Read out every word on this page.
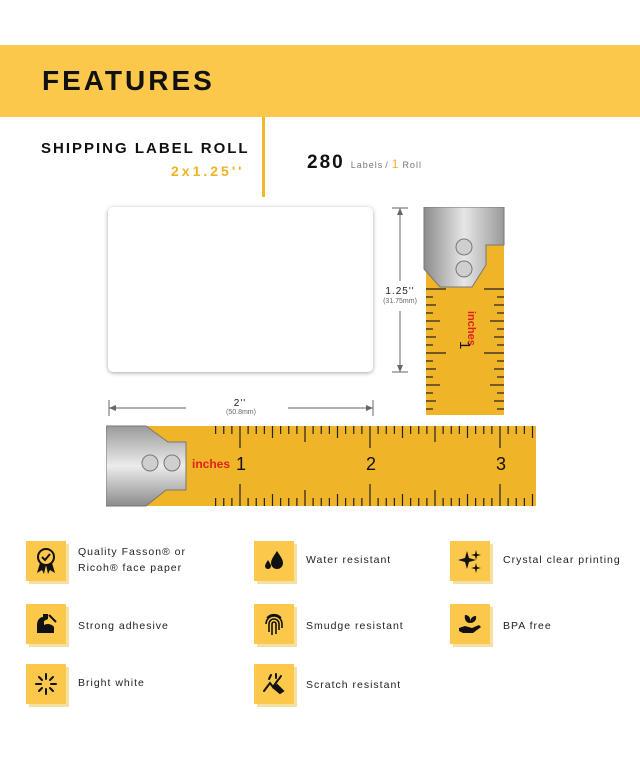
FEATURES
SHIPPING LABEL ROLL
2x1.25''	280 Labels / 1 Roll
1.25''
(31.75mm)
2''
(50.8mm)
inches
1
inches 1	2	3
Quality Fasson® or
Ricoh® face paper
Water resistant	Crystal clear printing
Strong adhesive	Smudge resistant	BPA free
Bright white	Scratch resistant
